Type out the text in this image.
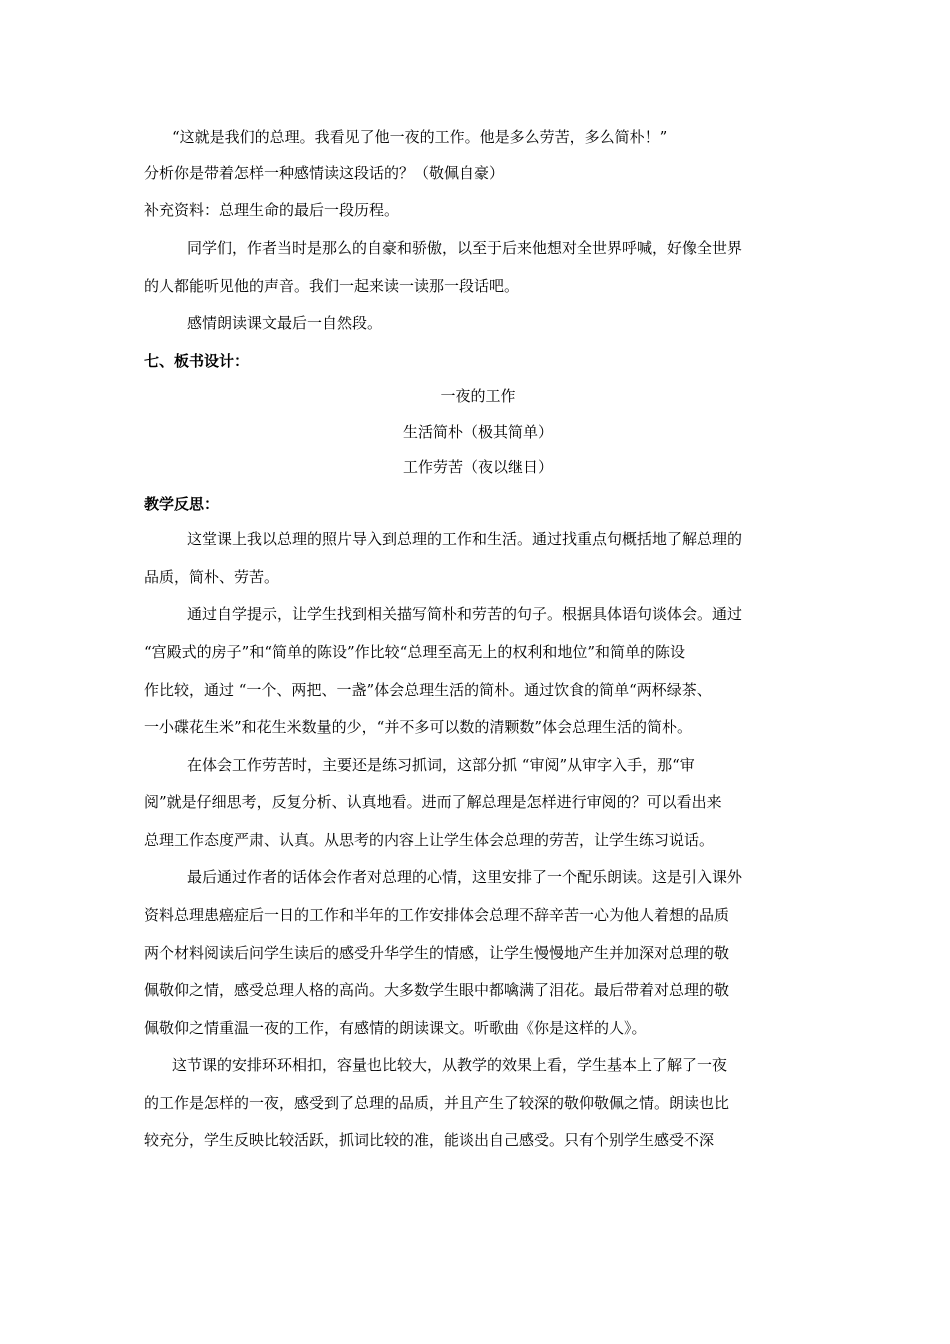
“这就是我们的总理。我看见了他一夜的工作。他是多么劳苦，多么简朴！”
分析你是带着怎样一种感情读这段话的？（敬佩自豪）
补充资料：总理生命的最后一段历程。
同学们，作者当时是那么的自豪和骄傲，以至于后来他想对全世界呼喊，好像全世界
的人都能听见他的声音。我们一起来读一读那一段话吧。
感情朗读课文最后一自然段。
七、板书设计：
一夜的工作
生活简朴（极其简单）
工作劳苦（夜以继日）
教学反思：
这堂课上我以总理的照片导入到总理的工作和生活。通过找重点句概括地了解总理的
品质，简朴、劳苦。
通过自学提示，让学生找到相关描写简朴和劳苦的句子。根据具体语句谈体会。通过
“宫殿式的房子”和“简单的陈设”作比较“总理至高无上的权利和地位”和简单的陈设
作比较，通过 “一个、两把、一盏”体会总理生活的简朴。通过饮食的简单“两杯绿茶、
一小碟花生米”和花生米数量的少，“并不多可以数的清颗数”体会总理生活的简朴。
在体会工作劳苦时，主要还是练习抓词，这部分抓 “审阅”从审字入手，那“审
阅”就是仔细思考，反复分析、认真地看。进而了解总理是怎样进行审阅的？可以看出来
总理工作态度严肃、认真。从思考的内容上让学生体会总理的劳苦，让学生练习说话。
最后通过作者的话体会作者对总理的心情，这里安排了一个配乐朗读。这是引入课外
资料总理患癌症后一日的工作和半年的工作安排体会总理不辞辛苦一心为他人着想的品质
两个材料阅读后问学生读后的感受升华学生的情感，让学生慢慢地产生并加深对总理的敬
佩敬仰之情，感受总理人格的高尚。大多数学生眼中都噙满了泪花。最后带着对总理的敬
佩敬仰之情重温一夜的工作，有感情的朗读课文。听歌曲《你是这样的人》。
这节课的安排环环相扣，容量也比较大，从教学的效果上看，学生基本上了解了一夜
的工作是怎样的一夜，感受到了总理的品质，并且产生了较深的敬仰敬佩之情。朗读也比
较充分，学生反映比较活跃，抓词比较的准，能谈出自己感受。只有个别学生感受不深
